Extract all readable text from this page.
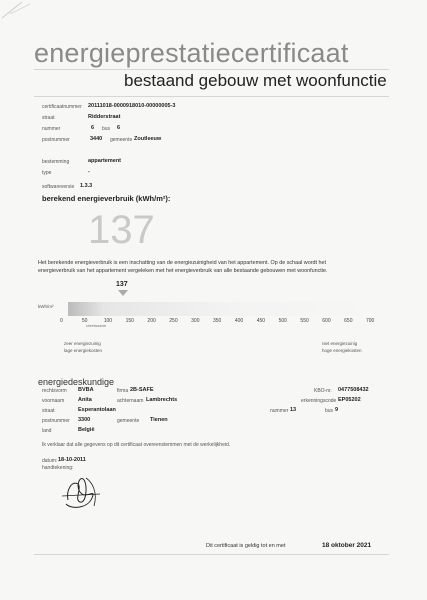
energieprestatiecertificaat
bestaand gebouw met woonfunctie
certificaatnummer 20111018-0000918010-00000005-3
straat	Ridderstraat
nummer	6 bus 6
postnummer	3440 gemeente Zoutleeuw
bestemming	appartement
type	-
softwareversie 1.3.3
berekend energieverbruik (kWh/m²):
137
Het berekende energieverbruik is een inschatting van de energiezuinigheid van het appartement. Op de schaal wordt het
energieverbruik van het appartement vergeleken met het energieverbruik van alle bestaande gebouwen met woonfunctie.
137
kWh/m²
0	50	100	150	200	250	300	350	400	450	500	550	600	650	700
streefwaarde
zeer energiezuinig
lage energiekosten
niet energiezuinig
hoge energiekosten
energiedeskundige
rechtsvorm BVBA	firma 2B-SAFE	KBO-nr. 0477508432
voornaam	Anita	achternaam Lambrechts	erkenningscode EP05202
straat	Esperantolaan	nummer 13	bus 9
postnummer 3300	gemeente Tienen
land	België
Ik verklaar dat alle gegevens op dit certificaat overeenstemmen met de werkelijkheid.
datum: 18-10-2011
handtekening:
Dit certificaat is geldig tot en met	18 oktober 2021
